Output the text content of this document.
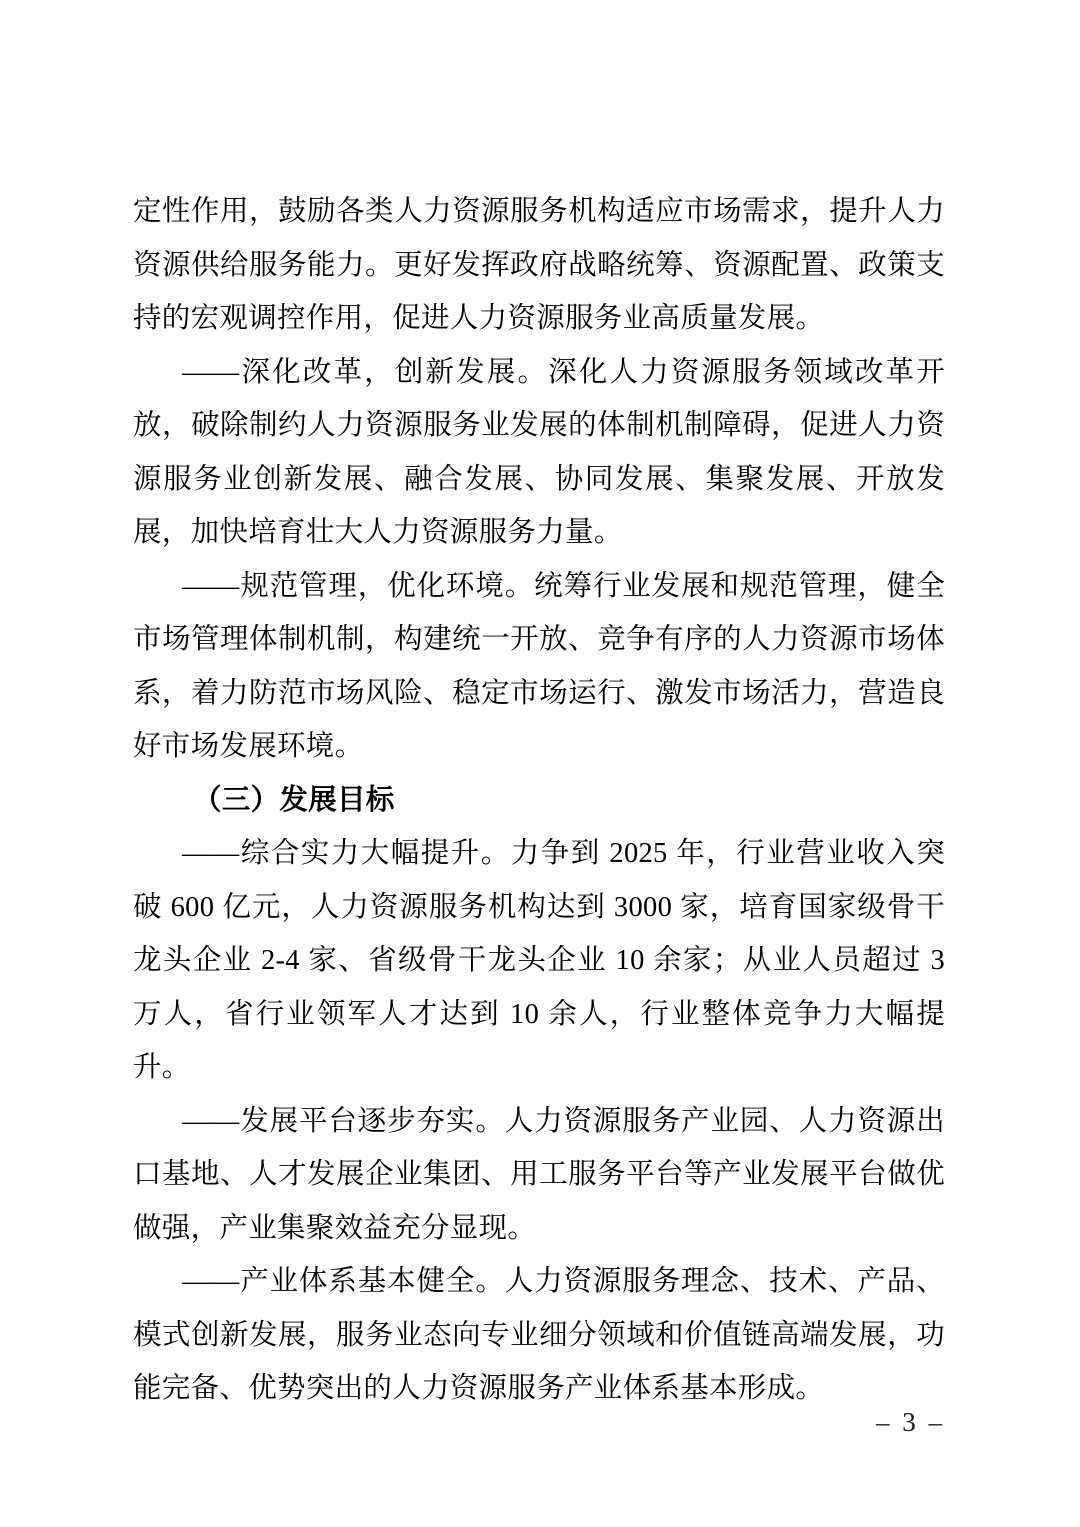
定性作用，鼓励各类人力资源服务机构适应市场需求，提升人力资源供给服务能力。更好发挥政府战略统筹、资源配置、政策支持的宏观调控作用，促进人力资源服务业高质量发展。

——深化改革，创新发展。深化人力资源服务领域改革开放，破除制约人力资源服务业发展的体制机制障碍，促进人力资源服务业创新发展、融合发展、协同发展、集聚发展、开放发展，加快培育壮大人力资源服务力量。

——规范管理，优化环境。统筹行业发展和规范管理，健全市场管理体制机制，构建统一开放、竞争有序的人力资源市场体系，着力防范市场风险、稳定市场运行、激发市场活力，营造良好市场发展环境。

（三）发展目标

——综合实力大幅提升。力争到 2025 年，行业营业收入突破 600 亿元，人力资源服务机构达到 3000 家，培育国家级骨干龙头企业 2-4 家、省级骨干龙头企业 10 余家；从业人员超过 3 万人，省行业领军人才达到 10 余人，行业整体竞争力大幅提升。

——发展平台逐步夯实。人力资源服务产业园、人力资源出口基地、人才发展企业集团、用工服务平台等产业发展平台做优做强，产业集聚效益充分显现。

——产业体系基本健全。人力资源服务理念、技术、产品、模式创新发展，服务业态向专业细分领域和价值链高端发展，功能完备、优势突出的人力资源服务产业体系基本形成。

– 3 –
